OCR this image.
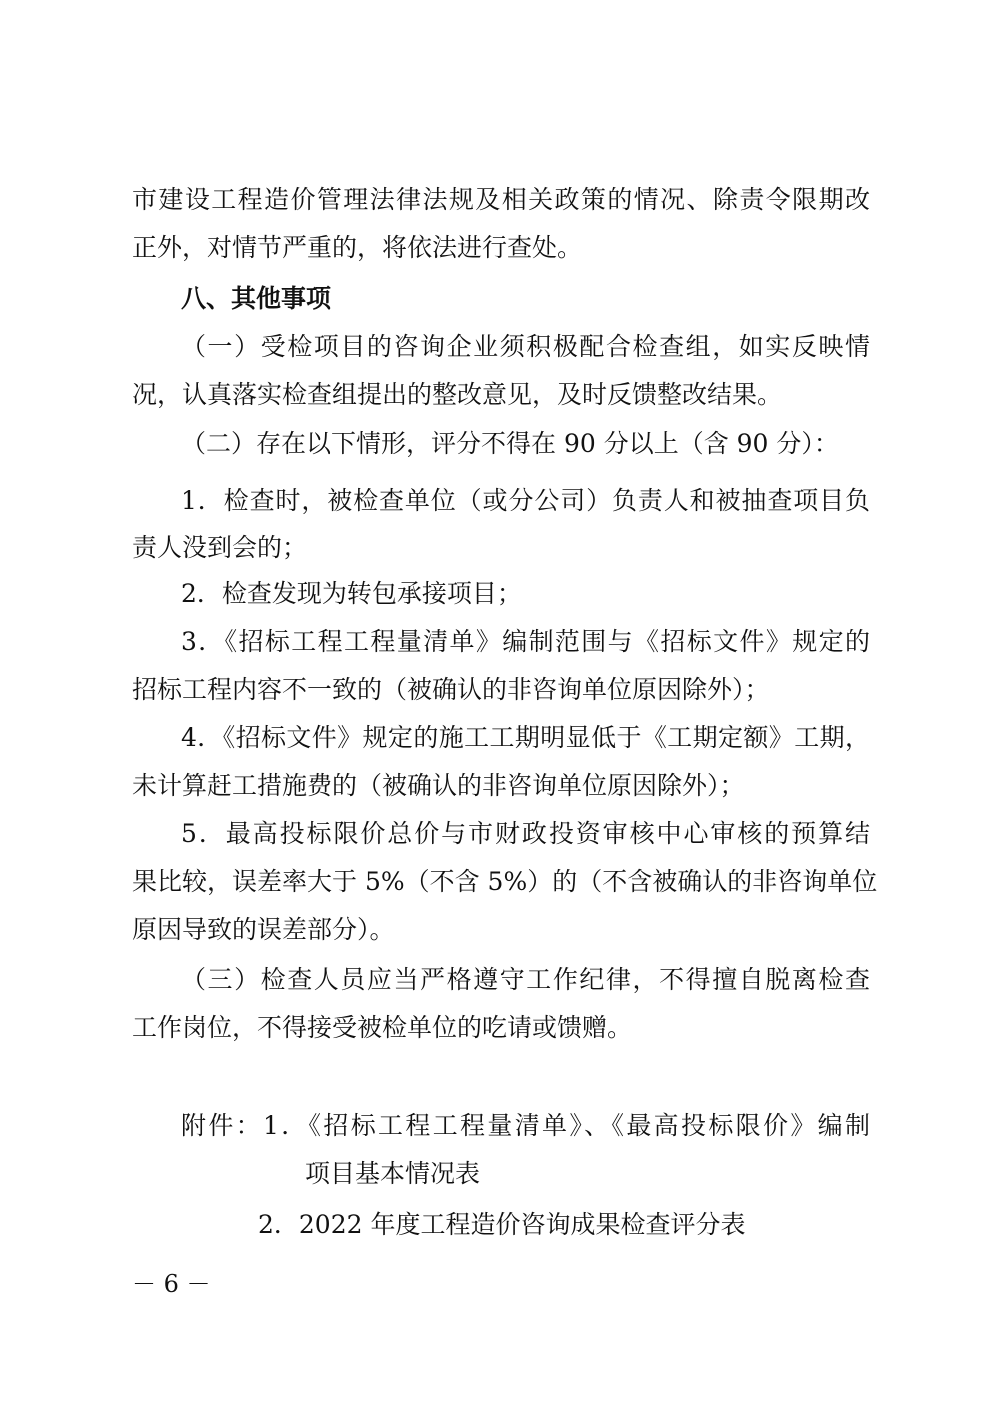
市建设工程造价管理法律法规及相关政策的情况、除责令限期改
正外，对情节严重的，将依法进行查处。
八、其他事项
（一）受检项目的咨询企业须积极配合检查组，如实反映情
况，认真落实检查组提出的整改意见，及时反馈整改结果。
（二）存在以下情形，评分不得在 90 分以上（含 90 分）：
1．检查时，被检查单位（或分公司）负责人和被抽查项目负
责人没到会的；
2．检查发现为转包承接项目；
3．《招标工程工程量清单》编制范围与《招标文件》规定的
招标工程内容不一致的（被确认的非咨询单位原因除外）；
4．《招标文件》规定的施工工期明显低于《工期定额》工期，
未计算赶工措施费的（被确认的非咨询单位原因除外）；
5．最高投标限价总价与市财政投资审核中心审核的预算结
果比较，误差率大于 5%（不含 5%）的（不含被确认的非咨询单位
原因导致的误差部分）。
（三）检查人员应当严格遵守工作纪律，不得擅自脱离检查
工作岗位，不得接受被检单位的吃请或馈赠。
附件：1．《招标工程工程量清单》、《最高投标限价》编制
项目基本情况表
2．2022 年度工程造价咨询成果检查评分表
－ 6 －
